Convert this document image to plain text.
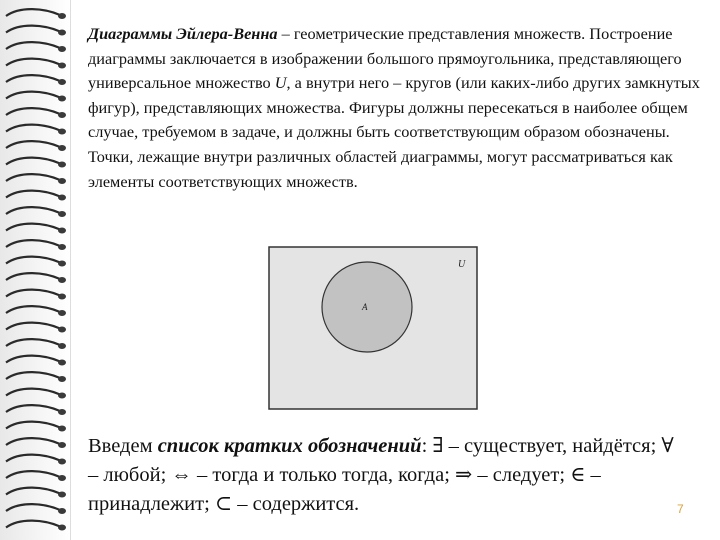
Диаграммы Эйлера-Венна – геометрические представления множеств. Построение диаграммы заключается в изображении большого прямоугольника, представляющего универсальное множество U, а внутри него – кругов (или каких-либо других замкнутых фигур), представляющих множества. Фигуры должны пересекаться в наиболее общем случае, требуемом в задаче, и должны быть соответствующим образом обозначены. Точки, лежащие внутри различных областей диаграммы, могут рассматриваться как элементы соответствующих множеств.

U
A

Введем список кратких обозначений: ∃ – существует, найдётся; ∀ – любой; ⇔ – тогда и только тогда, когда; ⇒ – следует; ∈ – принадлежит; ⊂ – содержится.	7
